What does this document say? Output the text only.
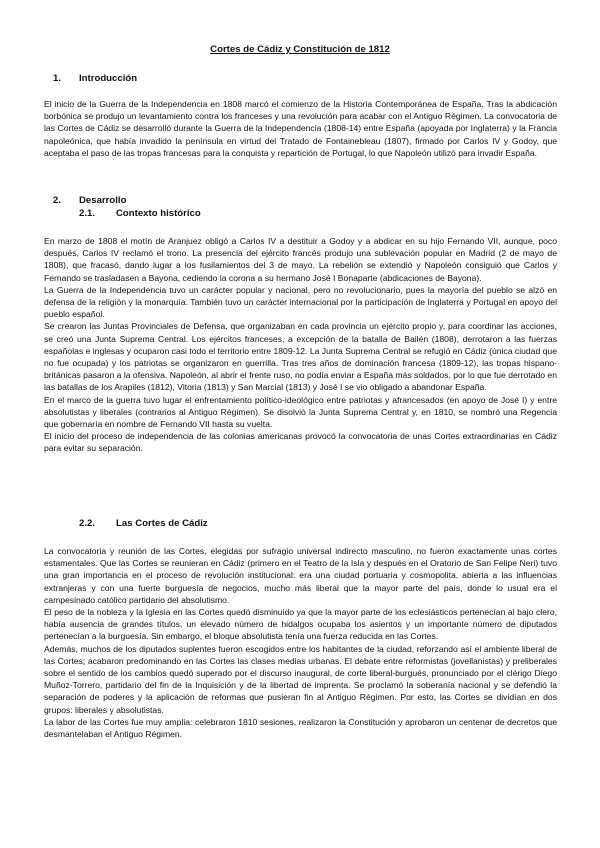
Cortes de Cádiz y Constitución de 1812
1. Introducción

El inicio de la Guerra de la Independencia en 1808 marcó el comienzo de la Historia Contemporánea de España. Tras la abdicación borbónica se produjo un levantamiento contra los franceses y una revolución para acabar con el Antiguo Régimen. La convocatoria de las Cortes de Cádiz se desarrolló durante la Guerra de la Independencia (1808-14) entre España (apoyada por Inglaterra) y la Francia napoleónica, que había invadido la península en virtud del Tratado de Fontainebleau (1807), firmado por Carlos IV y Godoy, que aceptaba el paso de las tropas francesas para la conquista y repartición de Portugal, lo que Napoleón utilizó para invadir España.

2. Desarrollo
2.1. Contexto histórico

En marzo de 1808 el motín de Aranjuez obligó a Carlos IV a destituir a Godoy y a abdicar en su hijo Fernando VII, aunque, poco después, Carlos IV reclamó el trono. La presencia del ejército francés produjo una sublevación popular en Madrid (2 de mayo de 1808), que fracasó, dando lugar a los fusilamientos del 3 de mayo. La rebelión se extendió y Napoleón consiguió que Carlos y Fernando se trasladasen a Bayona, cediendo la corona a su hermano José I Bonaparte (abdicaciones de Bayona).

La Guerra de la Independencia tuvo un carácter popular y nacional, pero no revolucionario, pues la mayoría del pueblo se alzó en defensa de la religión y la monarquía. También tuvo un carácter internacional por la participación de Inglaterra y Portugal en apoyo del pueblo español.

Se crearon las Juntas Provinciales de Defensa, que organizaban en cada provincia un ejército propio y, para coordinar las acciones, se creó una Junta Suprema Central. Los ejércitos franceses, a excepción de la batalla de Bailén (1808), derrotaron a las fuerzas españolas e inglesas y ocuparon casi todo el territorio entre 1809-12. La Junta Suprema Central se refugió en Cádiz (única ciudad que no fue ocupada) y los patriotas se organizaron en guerrilla. Tras tres años de dominación francesa (1809-12), las tropas hispano-británicas pasaron a la ofensiva. Napoleón, al abrir el frente ruso, no podía enviar a España más soldados, por lo que fue derrotado en las batallas de los Arapiles (1812), Vitoria (1813) y San Marcial (1813) y José I se vio obligado a abandonar España.

En el marco de la guerra tuvo lugar el enfrentamiento político-ideológico entre patriotas y afrancesados (en apoyo de José I) y entre absolutistas y liberales (contrarios al Antiguo Régimen). Se disolvió la Junta Suprema Central y, en 1810, se nombró una Regencia que gobernaría en nombre de Fernando VII hasta su vuelta.

El inicio del proceso de independencia de las colonias americanas provocó la convocatoria de unas Cortes extraordinarias en Cádiz para evitar su separación.

2.2. Las Cortes de Cádiz

La convocatoria y reunión de las Cortes, elegidas por sufragio universal indirecto masculino, no fueron exactamente unas cortes estamentales. Que las Cortes se reunieran en Cádiz (primero en el Teatro de la Isla y después en el Oratorio de San Felipe Neri) tuvo una gran importancia en el proceso de revolución institucional: era una ciudad portuaria y cosmopolita, abierta a las influencias extranjeras y con una fuerte burguesía de negocios, mucho más liberal que la mayor parte del país, donde lo usual era el campesinado católico partidario del absolutismo.

El peso de la nobleza y la Iglesia en las Cortes quedó disminuido ya que la mayor parte de los eclesiásticos pertenecían al bajo clero, había ausencia de grandes títulos, un elevado número de hidalgos ocupaba los asientos y un importante número de diputados pertenecían a la burguesía. Sin embargo, el bloque absolutista tenía una fuerza reducida en las Cortes.

Además, muchos de los diputados suplentes fueron escogidos entre los habitantes de la ciudad, reforzando así el ambiente liberal de las Cortes; acabaron predominando en las Cortes las clases medias urbanas. El debate entre reformistas (jovellanistas) y preliberales sobre el sentido de los cambios quedó superado por el discurso inaugural, de corte liberal-burgués, pronunciado por el clérigo Diego Muñoz-Torrero, partidario del fin de la Inquisición y de la libertad de imprenta. Se proclamó la soberanía nacional y se defendió la separación de poderes y la aplicación de reformas que pusieran fin al Antiguo Régimen. Por esto, las Cortes se dividían en dos grupos: liberales y absolutistas.

La labor de las Cortes fue muy amplia: celebraron 1810 sesiones, realizaron la Constitución y aprobaron un centenar de decretos que desmantelaban el Antiguo Régimen.
